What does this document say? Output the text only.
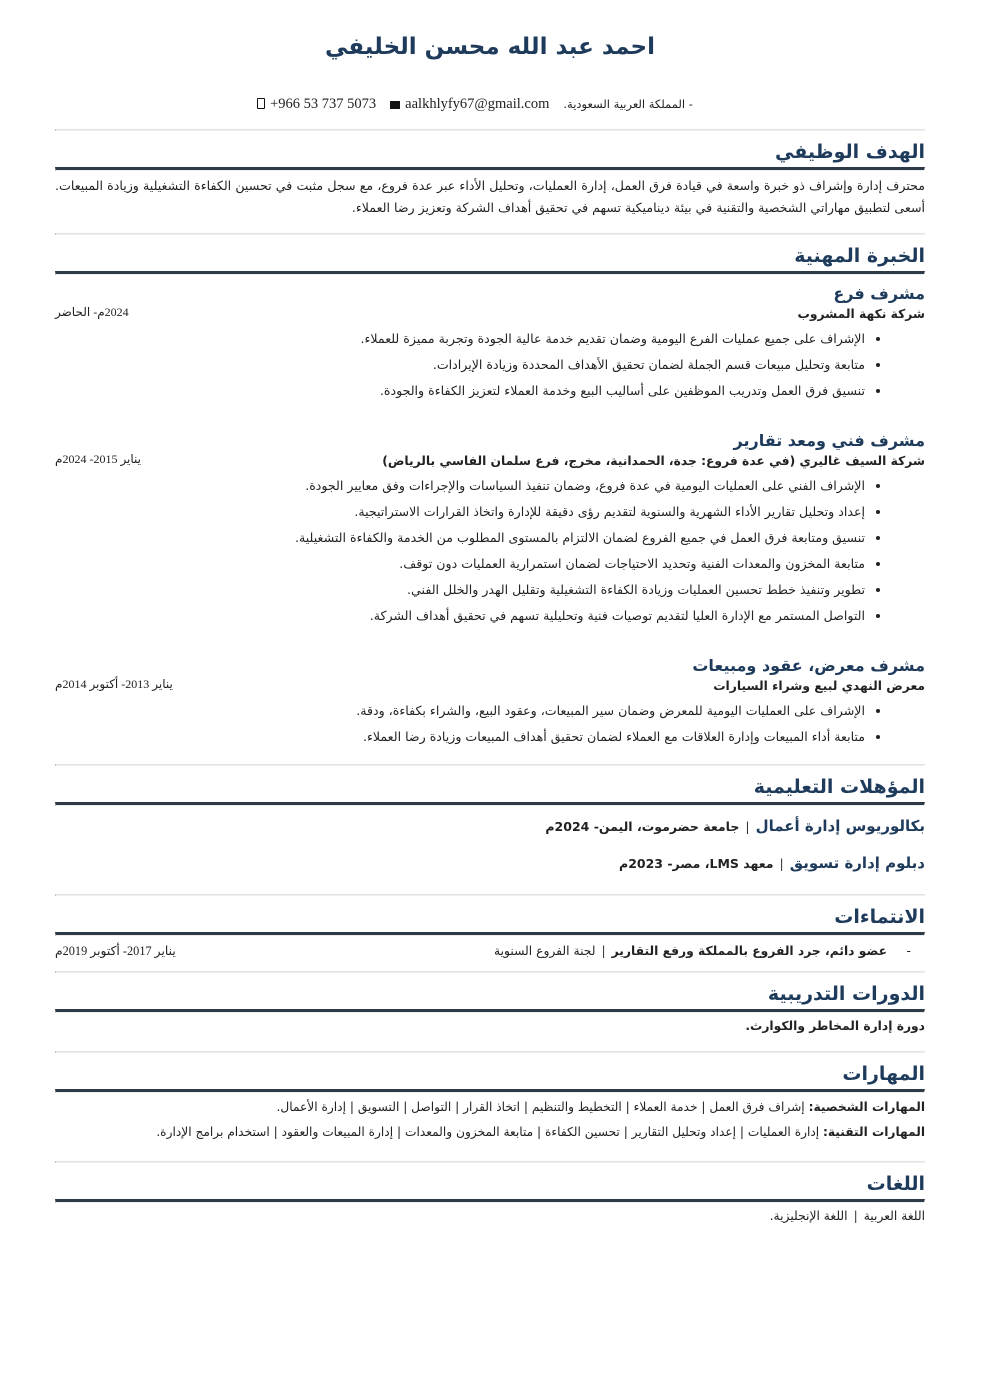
احمد عبد الله محسن الخليفي
+966 53 737 5073	aalkhlyfy67@gmail.com - المملكة العربية السعودية.
الهدف الوظيفي
محترف إدارة وإشراف ذو خبرة واسعة في قيادة فرق العمل، إدارة العمليات، وتحليل الأداء عبر عدة فروع، مع سجل مثبت في تحسين الكفاءة التشغيلية وزيادة المبيعات. أسعى لتطبيق مهاراتي الشخصية والتقنية في بيئة ديناميكية تسهم في تحقيق أهداف الشركة وتعزيز رضا العملاء.
الخبرة المهنية
مشرف فرع
شركة نكهة المشروب
2024م- الحاضر
• الإشراف على جميع عمليات الفرع اليومية وضمان تقديم خدمة عالية الجودة وتجربة مميزة للعملاء.
• متابعة وتحليل مبيعات قسم الجملة لضمان تحقيق الأهداف المحددة وزيادة الإيرادات.
• تنسيق فرق العمل وتدريب الموظفين على أساليب البيع وخدمة العملاء لتعزيز الكفاءة والجودة.
مشرف فني ومعد تقارير
شركة السيف غاليري (في عدة فروع: جدة، الحمدانية، مخرج، فرع سلمان الفاسي بالرياض)
يناير 2015- 2024م
• الإشراف الفني على العمليات اليومية في عدة فروع، وضمان تنفيذ السياسات والإجراءات وفق معايير الجودة.
• إعداد وتحليل تقارير الأداء الشهرية والسنوية لتقديم رؤى دقيقة للإدارة واتخاذ القرارات الاستراتيجية.
• تنسيق ومتابعة فرق العمل في جميع الفروع لضمان الالتزام بالمستوى المطلوب من الخدمة والكفاءة التشغيلية.
• متابعة المخزون والمعدات الفنية وتحديد الاحتياجات لضمان استمرارية العمليات دون توقف.
• تطوير وتنفيذ خطط تحسين العمليات وزيادة الكفاءة التشغيلية وتقليل الهدر والخلل الفني.
• التواصل المستمر مع الإدارة العليا لتقديم توصيات فنية وتحليلية تسهم في تحقيق أهداف الشركة.
مشرف معرض، عقود ومبيعات
معرض النهدي لبيع وشراء السيارات
يناير 2013- أكتوبر 2014م
• الإشراف على العمليات اليومية للمعرض وضمان سير المبيعات، وعقود البيع، والشراء بكفاءة، ودقة.
• متابعة أداء المبيعات وإدارة العلاقات مع العملاء لضمان تحقيق أهداف المبيعات وزيادة رضا العملاء.
المؤهلات التعليمية
بكالوريوس إدارة أعمال|جامعة حضرموت، اليمن- 2024م
دبلوم إدارة تسويق|معهد LMS، مصر- 2023م
الانتماءات
-     عضو دائم، جرد الفروع بالمملكة ورفع التقارير|لجنة الفروع السنوية
يناير 2017- أكتوبر 2019م
الدورات التدريبية
دورة إدارة المخاطر والكوارث.
المهارات
المهارات الشخصية: إشراف فرق العمل | خدمة العملاء | التخطيط والتنظيم | اتخاذ القرار | التواصل | التسويق | إدارة الأعمال.
المهارات التقنية: إدارة العمليات | إعداد وتحليل التقارير | تحسين الكفاءة | متابعة المخزون والمعدات | إدارة المبيعات والعقود | استخدام برامج الإدارة.
اللغات
اللغة العربية|اللغة الإنجليزية.
